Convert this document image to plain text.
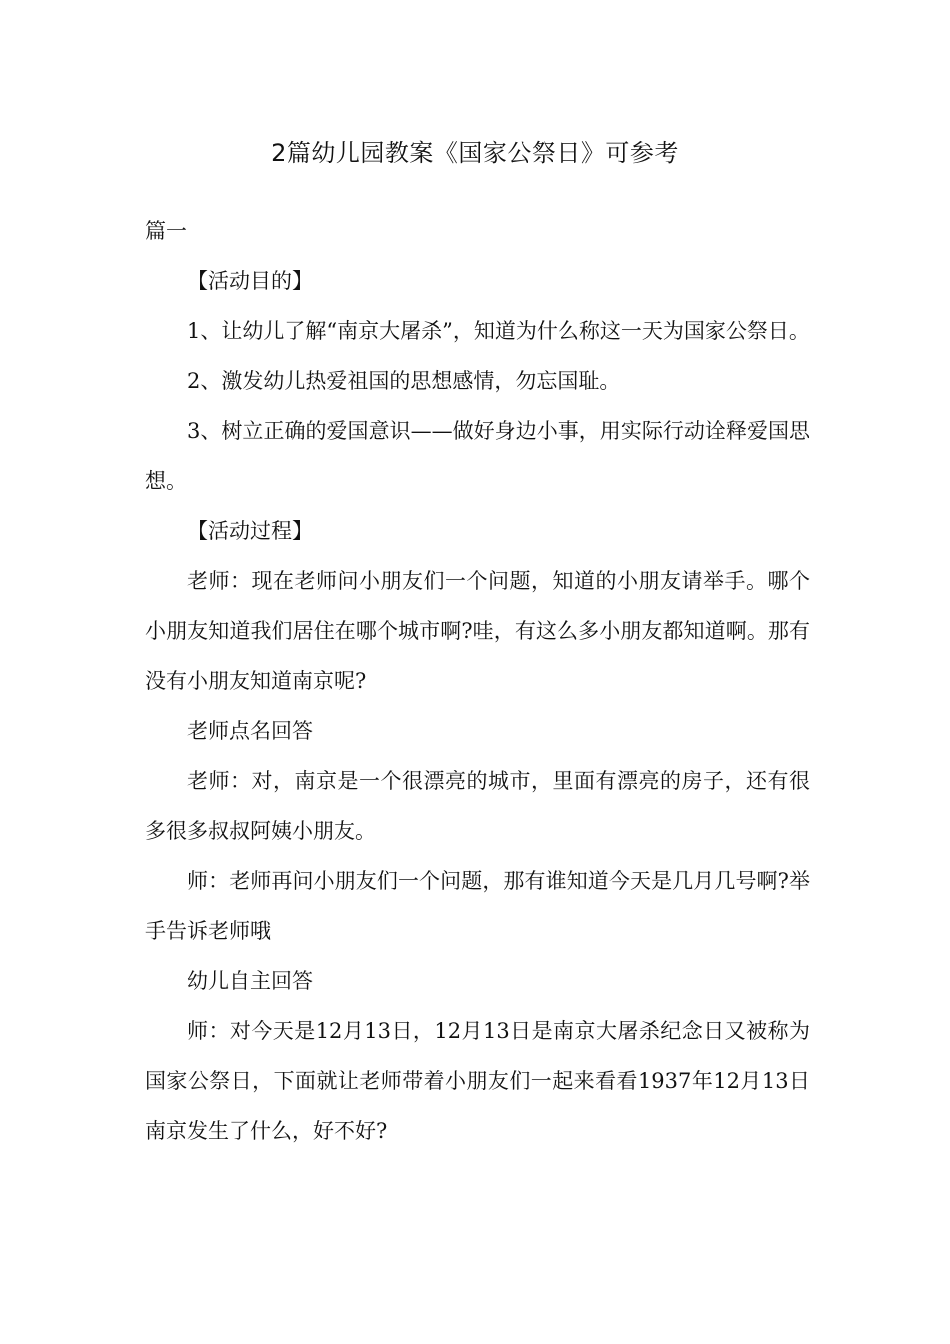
2篇幼儿园教案《国家公祭日》可参考

篇一

【活动目的】

1、让幼儿了解“南京大屠杀”，知道为什么称这一天为国家公祭日。

2、激发幼儿热爱祖国的思想感情，勿忘国耻。

3、树立正确的爱国意识——做好身边小事，用实际行动诠释爱国思想。

【活动过程】

老师：现在老师问小朋友们一个问题，知道的小朋友请举手。哪个小朋友知道我们居住在哪个城市啊?哇，有这么多小朋友都知道啊。那有没有小朋友知道南京呢?

老师点名回答

老师：对，南京是一个很漂亮的城市，里面有漂亮的房子，还有很多很多叔叔阿姨小朋友。

师：老师再问小朋友们一个问题，那有谁知道今天是几月几号啊?举手告诉老师哦

幼儿自主回答

师：对今天是12月13日，12月13日是南京大屠杀纪念日又被称为国家公祭日，下面就让老师带着小朋友们一起来看看1937年12月13日南京发生了什么，好不好?
